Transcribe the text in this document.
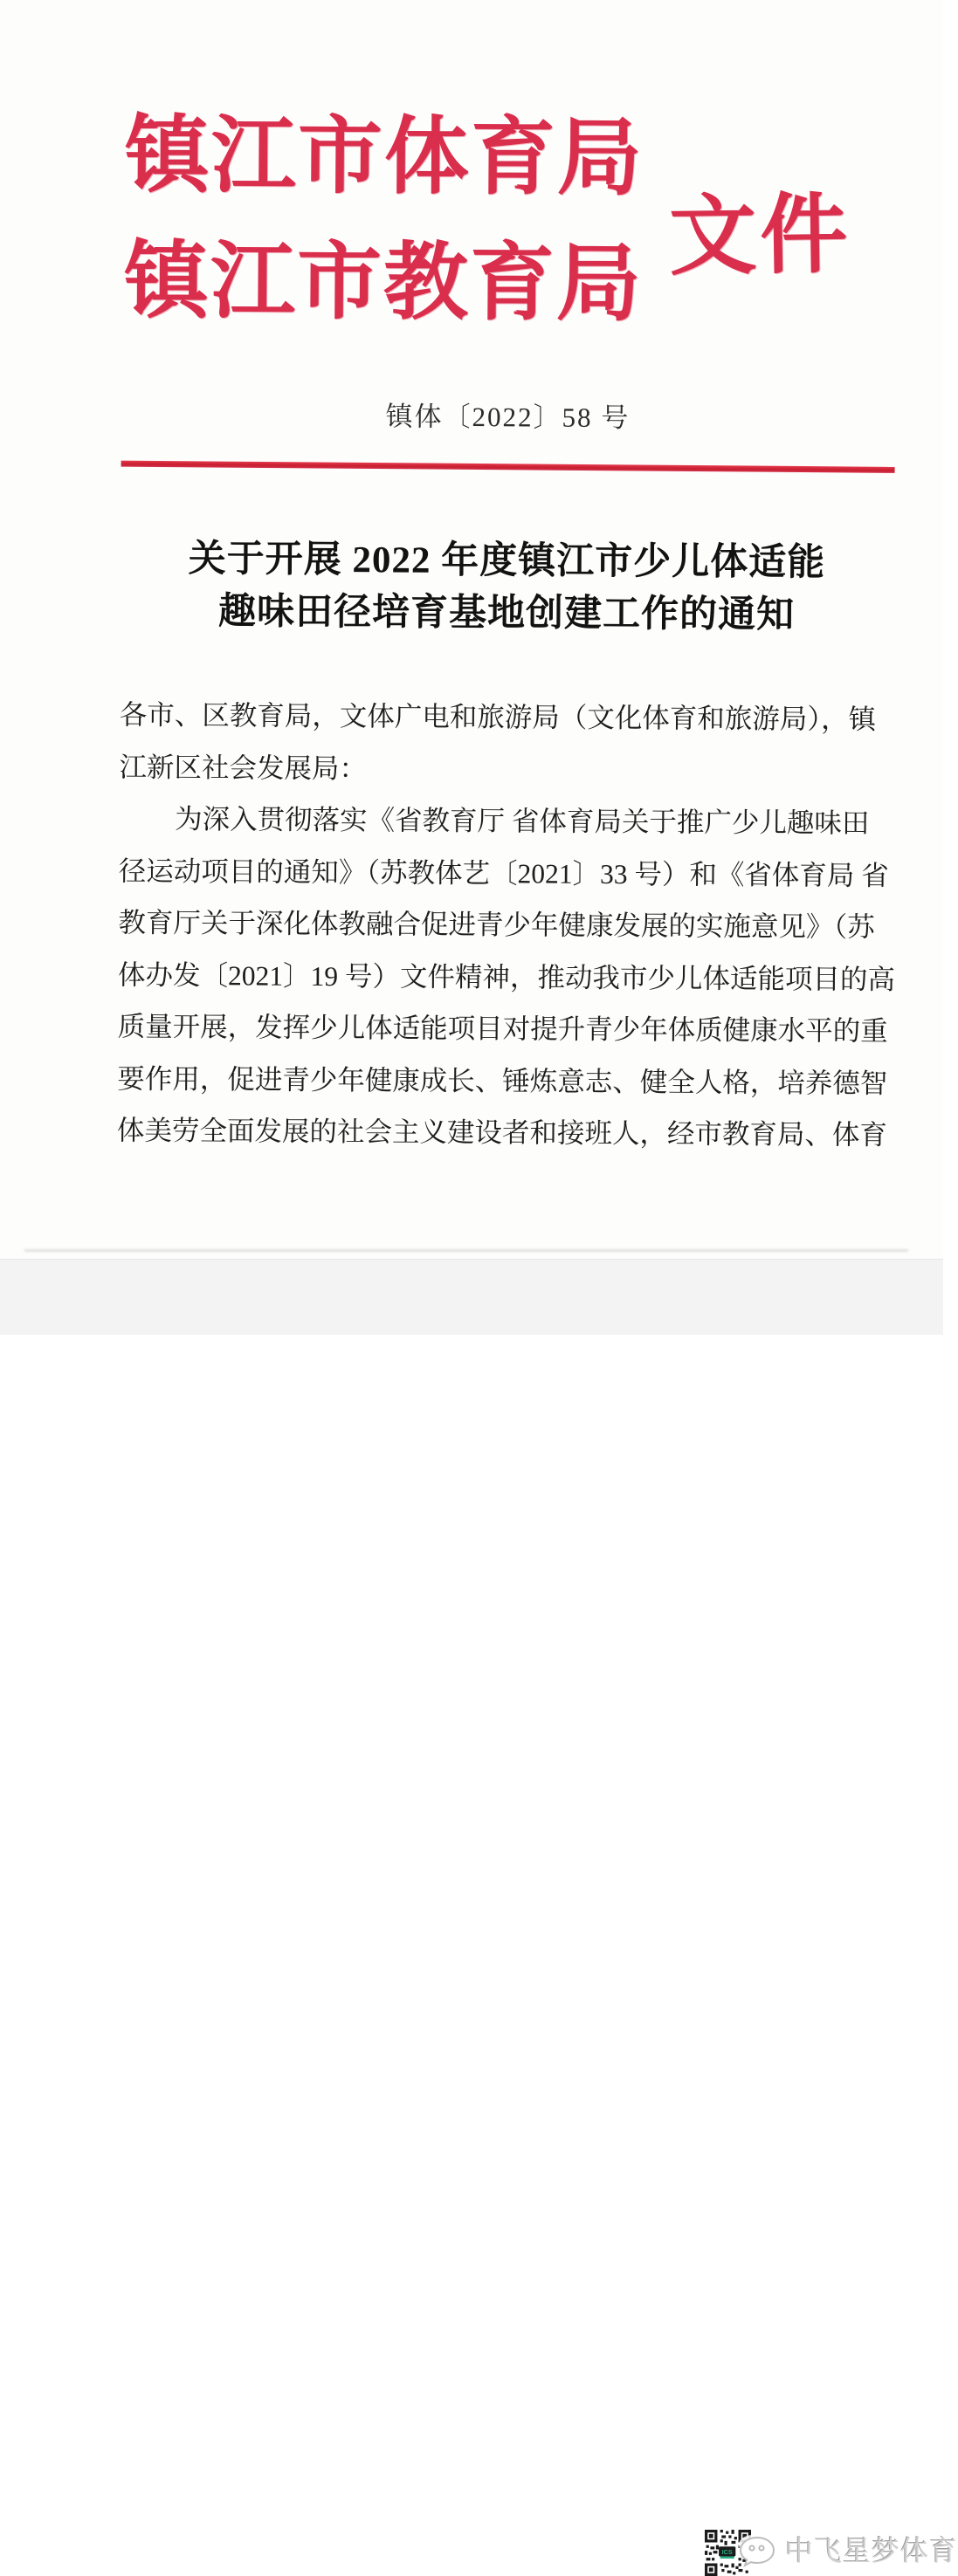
镇江市体育局
镇江市教育局 文件
镇体〔2022〕58 号
关于开展 2022 年度镇江市少儿体适能
趣味田径培育基地创建工作的通知
各市、区教育局，文体广电和旅游局（文化体育和旅游局），镇
江新区社会发展局：
为深入贯彻落实《省教育厅 省体育局关于推广少儿趣味田
径运动项目的通知》（苏教体艺〔2021〕33 号）和《省体育局 省
教育厅关于深化体教融合促进青少年健康发展的实施意见》（苏
体办发〔2021〕19 号）文件精神，推动我市少儿体适能项目的高
质量开展，发挥少儿体适能项目对提升青少年体质健康水平的重
要作用，促进青少年健康成长、锤炼意志、健全人格，培养德智
体美劳全面发展的社会主义建设者和接班人，经市教育局、体育
ICS 中飞星梦体育
